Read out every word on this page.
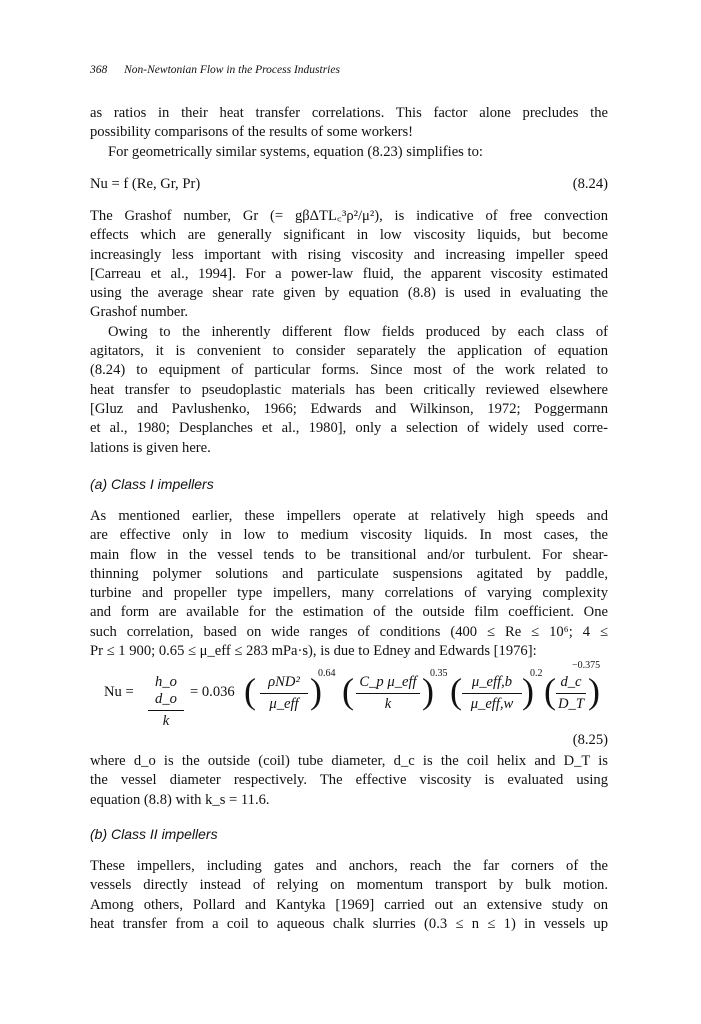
368 Non-Newtonian Flow in the Process Industries
as ratios in their heat transfer correlations. This factor alone precludes the
possibility comparisons of the results of some workers!
For geometrically similar systems, equation (8.23) simplifies to:
Nu = f (Re, Gr, Pr)	(8.24)
The Grashof number, Gr (= gβΔTL꜀³ρ²/μ²), is indicative of free convection
effects which are generally significant in low viscosity liquids, but become
increasingly less important with rising viscosity and increasing impeller speed
[Carreau et al., 1994]. For a power-law fluid, the apparent viscosity estimated
using the average shear rate given by equation (8.8) is used in evaluating the
Grashof number.
Owing to the inherently different flow fields produced by each class of
agitators, it is convenient to consider separately the application of equation
(8.24) to equipment of particular forms. Since most of the work related to
heat transfer to pseudoplastic materials has been critically reviewed elsewhere
[Gluz and Pavlushenko, 1966; Edwards and Wilkinson, 1972; Poggermann
et al., 1980; Desplanches et al., 1980], only a selection of widely used corre-
lations is given here.
(a) Class I impellers
As mentioned earlier, these impellers operate at relatively high speeds and
are effective only in low to medium viscosity liquids. In most cases, the
main flow in the vessel tends to be transitional and/or turbulent. For shear-
thinning polymer solutions and particulate suspensions agitated by paddle,
turbine and propeller type impellers, many correlations of varying complexity
and form are available for the estimation of the outside film coefficient. One
such correlation, based on wide ranges of conditions (400 ≤ Re ≤ 10⁶; 4 ≤
Pr ≤ 1 900; 0.65 ≤ μ_eff ≤ 283 mPa·s), is due to Edney and Edwards [1976]:
Nu =
h_o d_o
k
= 0.036 ( ρND²
μ_eff )
0.64 ( C_p μ_eff
k )
0.35 ( μ_eff,b
μ_eff,w )
0.2 ( d_c
D_T )
−0.375
(8.25)
where d_o is the outside (coil) tube diameter, d_c is the coil helix and D_T is
the vessel diameter respectively. The effective viscosity is evaluated using
equation (8.8) with k_s = 11.6.
(b) Class II impellers
These impellers, including gates and anchors, reach the far corners of the
vessels directly instead of relying on momentum transport by bulk motion.
Among others, Pollard and Kantyka [1969] carried out an extensive study on
heat transfer from a coil to aqueous chalk slurries (0.3 ≤ n ≤ 1) in vessels up
